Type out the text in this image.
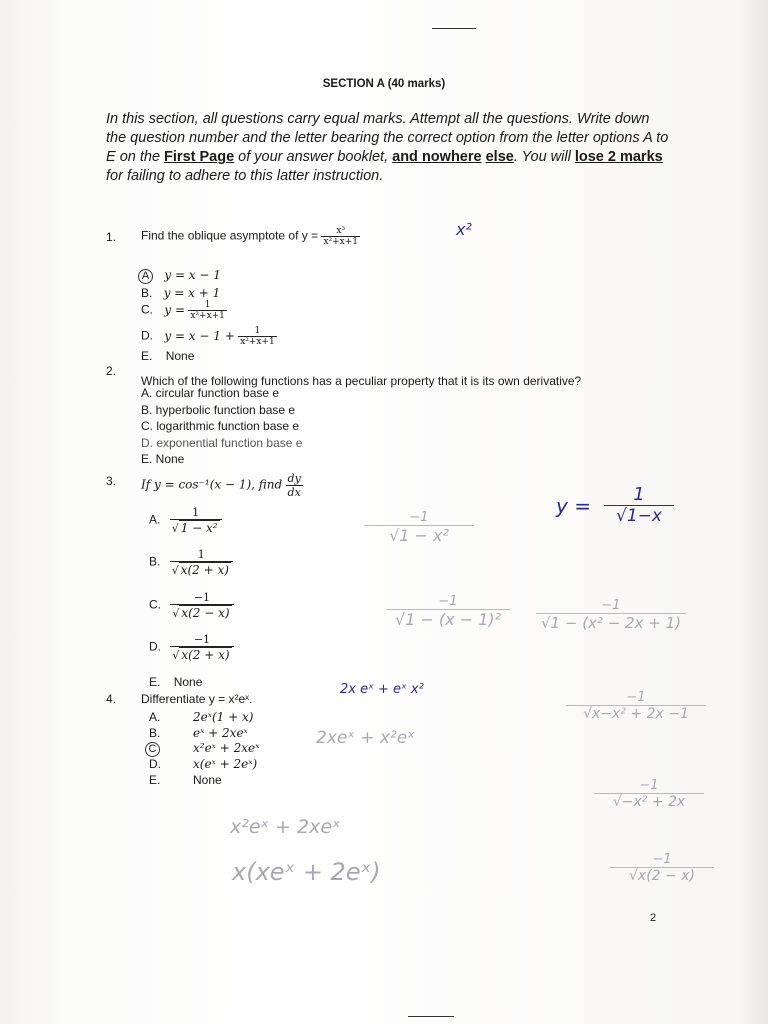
SECTION A (40 marks)
In this section, all questions carry equal marks. Attempt all the questions. Write down the question number and the letter bearing the correct option from the letter options A to E on the First Page of your answer booklet, and nowhere else. You will lose 2 marks for failing to adhere to this latter instruction.
1. Find the oblique asymptote of $y = \frac{\text{x³}}{\text{x²+x+1}}$	x²
A y = x − 1
B. y = x + 1
C. $y = \frac{1}{\text{x²+x+1}}$
D. $y = x - 1 + \frac{1}{\text{x²+x+1}}$
E. None
2.
Which of the following functions has a peculiar property that it is its own derivative?
A. circular function base e
B. hyperbolic function base e
C. logarithmic function base e
D. exponential function base e
E. None
3. If y = cos⁻¹(x − 1), find $\frac{dy}{dx}$
A. $\frac{1}{\text{√ 1 − x²}}$
B. $\frac{1}{√ x(2 + x)}$
C. $\frac{-1}{√ x(2 - x)}$
D. $\frac{-1}{√ x(2 + x)}$
E. None
$y = \frac{1}{√1-x}$
−1
√1 − x²
−1
√1 − (x − 1)²	$\frac{-1}{\text{√1 − (x² − 2x + 1)}}$
$\frac{-1}{\text{√x−x² + 2x −1}}$
$\frac{-1}{\text{√−x² + 2x}}$
$\frac{-1}{√x(2 - x)}$
4. Differentiate y = x²eˣ.
A.	2eˣ(1 + x)
B.	eˣ + 2xeˣ
C	x²eˣ + 2xeˣ
D.	x(eˣ + 2eˣ)
E.	None
2x eˣ + eˣ x²
2xeˣ + x²eˣ
x²eˣ + 2xeˣ
x(xeˣ + 2eˣ)
2
